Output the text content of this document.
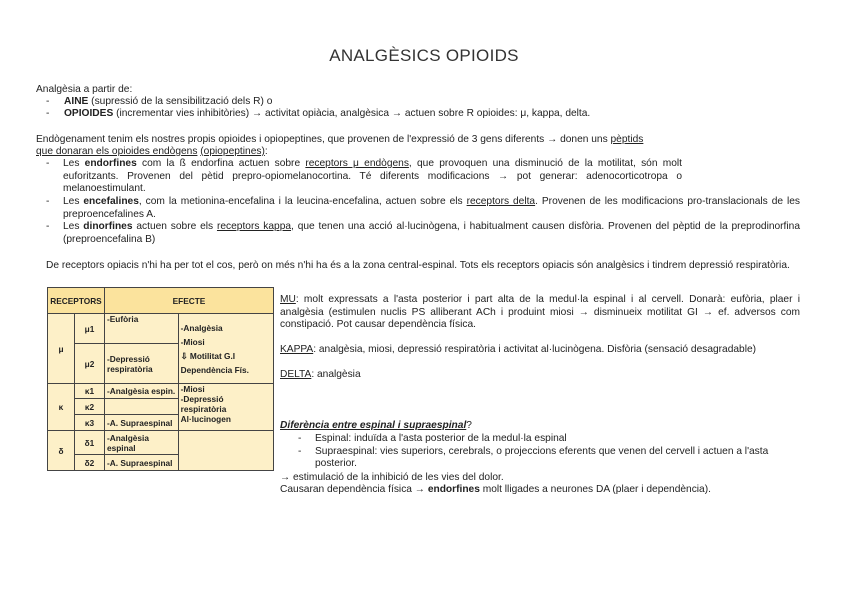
ANALGÈSICS OPIOIDS

Analgèsia a partir de:

- AINE (supressió de la sensibilització dels R) o

- OPIOIDES (incrementar vies inhibitòries) → activitat opiàcia, analgèsica → actuen sobre R opioides: μ, kappa, delta.

Endògenament tenim els nostres propis opioides i opiopeptines, que provenen de l'expressió de 3 gens diferents → donen uns pèptids

que donaran els opioides endògens (opiopeptines):

- Les endorfines com la ß endorfina actuen sobre receptors μ endògens, que provoquen una disminució de la motilitat, són molt euforitzants. Provenen del pètid prepro-opiomelanocortina. Té diferents modificacions → pot generar: adenocorticotropa o melanoestimulant.

- Les encefalines, com la metionina-encefalina i la leucina-encefalina, actuen sobre els receptors delta. Provenen de les modificacions pro-translacionals de les preproencefalines A.

- Les dinorfines actuen sobre els receptors kappa, que tenen una acció al·lucinògena, i habitualment causen disfòria. Provenen del pèptid de la preprodinorfina (preproencefalina B)

De receptors opiacis n'hi ha per tot el cos, però on més n'hi ha és a la zona central-espinal. Tots els receptors opiacis són analgèsics i tindrem depressió respiratòria.

RECEPTORS		EFECTE	
μ	μ1	-Eufòria	-Analgèsia
-Miosi
⇩ Motilitat G.I
Dependència Fís.

	μ2	-Depressió respiratòria	
κ	κ1	-Analgèsia espin.	-Miosi
-Depressió
respiratòria
Al·lucinogen

	κ2		
	κ3	-A. Supraespinal	
δ	δ1	-Analgèsia espinal	
	δ2	-A. Supraespinal	

MU: molt expressats a l'asta posterior i part alta de la medul·la espinal i al cervell. Donarà: eufòria, plaer i analgèsia (estimulen nuclis PS alliberant ACh i produint miosi → disminueix motilitat GI → ef. adversos com constipació. Pot causar dependència física.

KAPPA: analgèsia, miosi, depressió respiratòria i activitat al·lucinògena. Disfòria (sensació desagradable)

DELTA: analgèsia

Diferència entre espinal i supraespinal?

- Espinal: induïda a l'asta posterior de la medul·la espinal

- Supraespinal: vies superiors, cerebrals, o projeccions eferents que venen del cervell i actuen a l'asta posterior.

→ estimulació de la inhibició de les vies del dolor.

Causaran dependència física → endorfines molt lligades a neurones DA (plaer i dependència).
